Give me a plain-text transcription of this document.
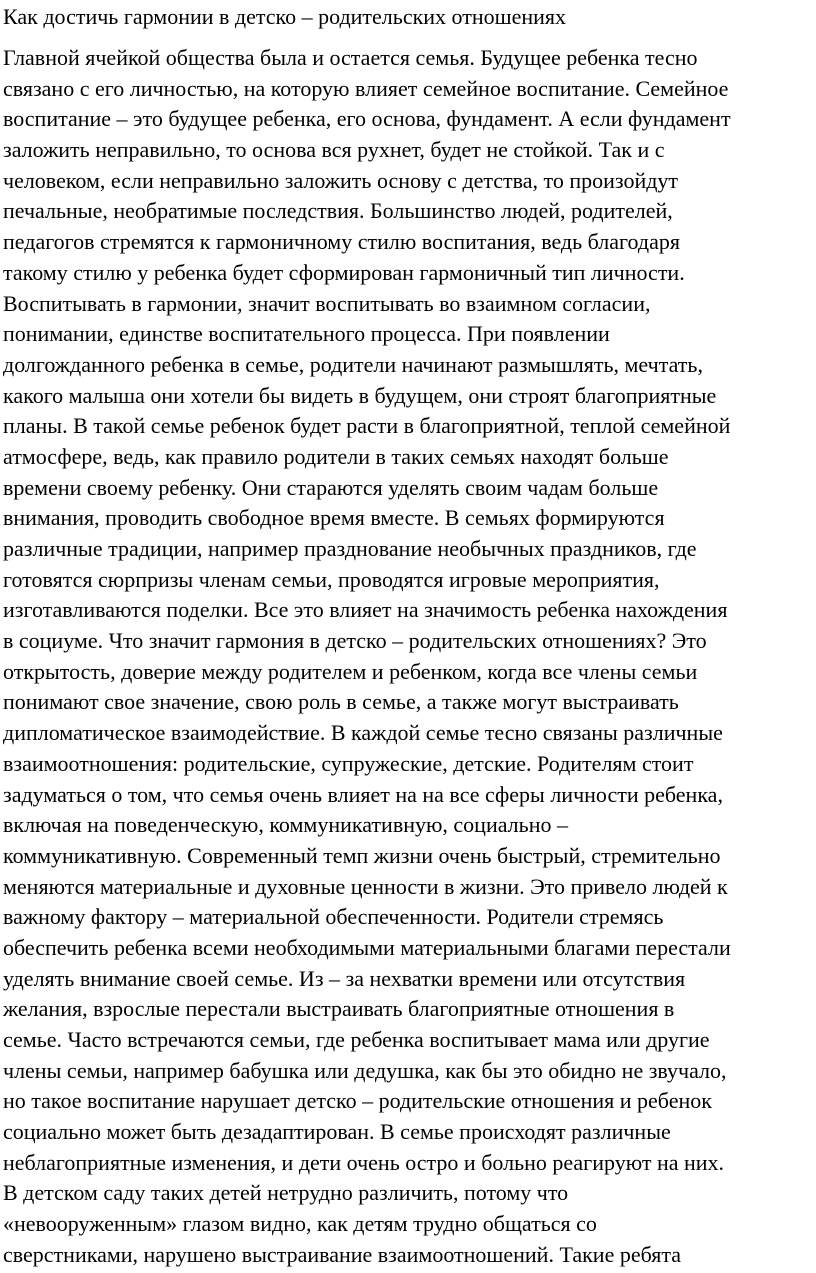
Как достичь гармонии в детско – родительских отношениях
Главной ячейкой общества была и остается семья. Будущее ребенка тесно
связано с его личностью, на которую влияет семейное воспитание. Семейное
воспитание – это будущее ребенка, его основа, фундамент. А если фундамент
заложить неправильно, то основа вся рухнет, будет не стойкой. Так и с
человеком, если неправильно заложить основу с детства, то произойдут
печальные, необратимые последствия. Большинство людей, родителей,
педагогов стремятся к гармоничному стилю воспитания, ведь благодаря
такому стилю у ребенка будет сформирован гармоничный тип личности.
Воспитывать в гармонии, значит воспитывать во взаимном согласии,
понимании, единстве воспитательного процесса. При появлении
долгожданного ребенка в семье, родители начинают размышлять, мечтать,
какого малыша они хотели бы видеть в будущем, они строят благоприятные
планы. В такой семье ребенок будет расти в благоприятной, теплой семейной
атмосфере, ведь, как правило родители в таких семьях находят больше
времени своему ребенку. Они стараются уделять своим чадам больше
внимания, проводить свободное время вместе. В семьях формируются
различные традиции, например празднование необычных праздников, где
готовятся сюрпризы членам семьи, проводятся игровые мероприятия,
изготавливаются поделки. Все это влияет на значимость ребенка нахождения
в социуме. Что значит гармония в детско – родительских отношениях? Это
открытость, доверие между родителем и ребенком, когда все члены семьи
понимают свое значение, свою роль в семье, а также могут выстраивать
дипломатическое взаимодействие. В каждой семье тесно связаны различные
взаимоотношения: родительские, супружеские, детские. Родителям стоит
задуматься о том, что семья очень влияет на на все сферы личности ребенка,
включая на поведенческую, коммуникативную, социально –
коммуникативную. Современный темп жизни очень быстрый, стремительно
меняются материальные и духовные ценности в жизни. Это привело людей к
важному фактору – материальной обеспеченности. Родители стремясь
обеспечить ребенка всеми необходимыми материальными благами перестали
уделять внимание своей семье. Из – за нехватки времени или отсутствия
желания, взрослые перестали выстраивать благоприятные отношения в
семье. Часто встречаются семьи, где ребенка воспитывает мама или другие
члены семьи, например бабушка или дедушка, как бы это обидно не звучало,
но такое воспитание нарушает детско – родительские отношения и ребенок
социально может быть дезадаптирован. В семье происходят различные
неблагоприятные изменения, и дети очень остро и больно реагируют на них.
В детском саду таких детей нетрудно различить, потому что
«невооруженным» глазом видно, как детям трудно общаться со
сверстниками, нарушено выстраивание взаимоотношений. Такие ребята
